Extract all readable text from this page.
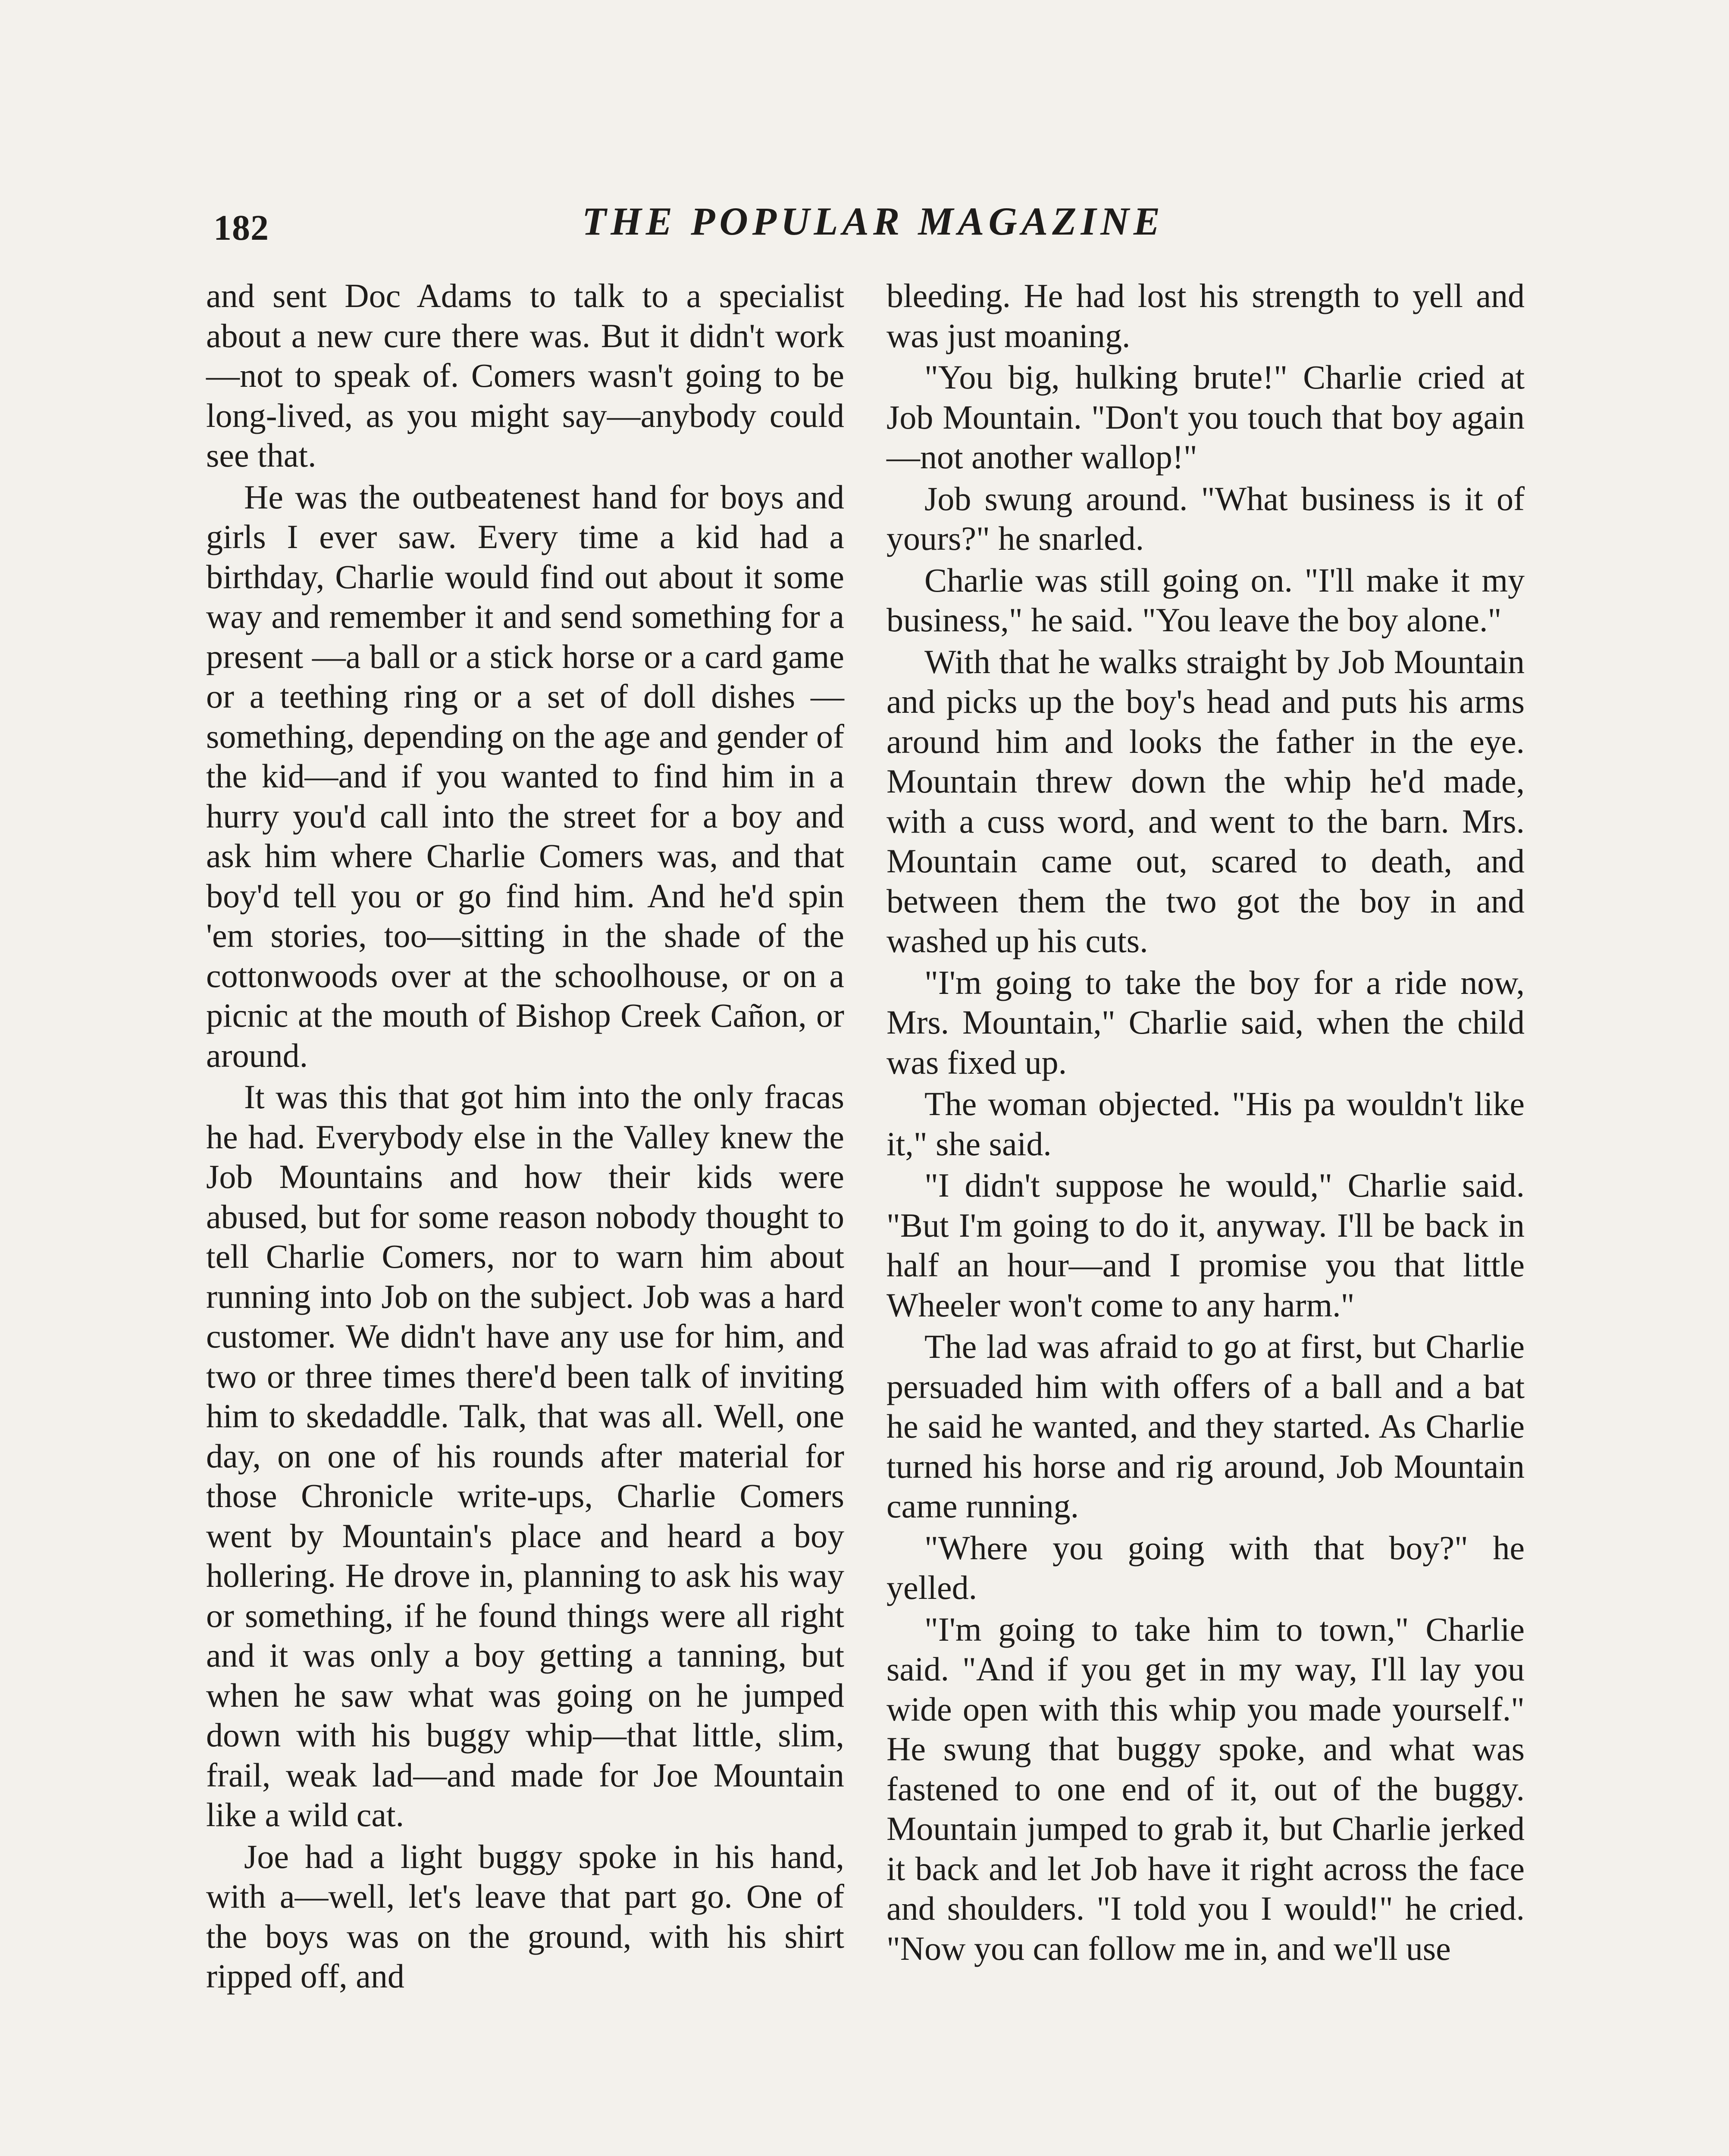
182	THE POPULAR MAGAZINE

and sent Doc Adams to talk to a specialist about a new cure there was. But it didn't work—not to speak of. Comers wasn't going to be long-lived, as you might say—anybody could see that.

He was the outbeatenest hand for boys and girls I ever saw. Every time a kid had a birthday, Charlie would find out about it some way and remember it and send something for a present —a ball or a stick horse or a card game or a teething ring or a set of doll dishes —something, depending on the age and gender of the kid—and if you wanted to find him in a hurry you'd call into the street for a boy and ask him where Charlie Comers was, and that boy'd tell you or go find him. And he'd spin 'em stories, too—sitting in the shade of the cottonwoods over at the schoolhouse, or on a picnic at the mouth of Bishop Creek Cañon, or around.

It was this that got him into the only fracas he had. Everybody else in the Valley knew the Job Mountains and how their kids were abused, but for some reason nobody thought to tell Charlie Comers, nor to warn him about running into Job on the subject. Job was a hard customer. We didn't have any use for him, and two or three times there'd been talk of inviting him to skedaddle. Talk, that was all. Well, one day, on one of his rounds after material for those Chronicle write-ups, Charlie Comers went by Mountain's place and heard a boy hollering. He drove in, planning to ask his way or something, if he found things were all right and it was only a boy getting a tanning, but when he saw what was going on he jumped down with his buggy whip—that little, slim, frail, weak lad—and made for Joe Mountain like a wild cat.

Joe had a light buggy spoke in his hand, with a—well, let's leave that part go. One of the boys was on the ground, with his shirt ripped off, and

bleeding. He had lost his strength to yell and was just moaning.

"You big, hulking brute!" Charlie cried at Job Mountain. "Don't you touch that boy again—not another wallop!"

Job swung around. "What business is it of yours?" he snarled.

Charlie was still going on. "I'll make it my business," he said. "You leave the boy alone."

With that he walks straight by Job Mountain and picks up the boy's head and puts his arms around him and looks the father in the eye. Mountain threw down the whip he'd made, with a cuss word, and went to the barn. Mrs. Mountain came out, scared to death, and between them the two got the boy in and washed up his cuts.

"I'm going to take the boy for a ride now, Mrs. Mountain," Charlie said, when the child was fixed up.

The woman objected. "His pa wouldn't like it," she said.

"I didn't suppose he would," Charlie said. "But I'm going to do it, anyway. I'll be back in half an hour—and I promise you that little Wheeler won't come to any harm."

The lad was afraid to go at first, but Charlie persuaded him with offers of a ball and a bat he said he wanted, and they started. As Charlie turned his horse and rig around, Job Mountain came running.

"Where you going with that boy?" he yelled.

"I'm going to take him to town," Charlie said. "And if you get in my way, I'll lay you wide open with this whip you made yourself." He swung that buggy spoke, and what was fastened to one end of it, out of the buggy. Mountain jumped to grab it, but Charlie jerked it back and let Job have it right across the face and shoulders. "I told you I would!" he cried. "Now you can follow me in, and we'll use
